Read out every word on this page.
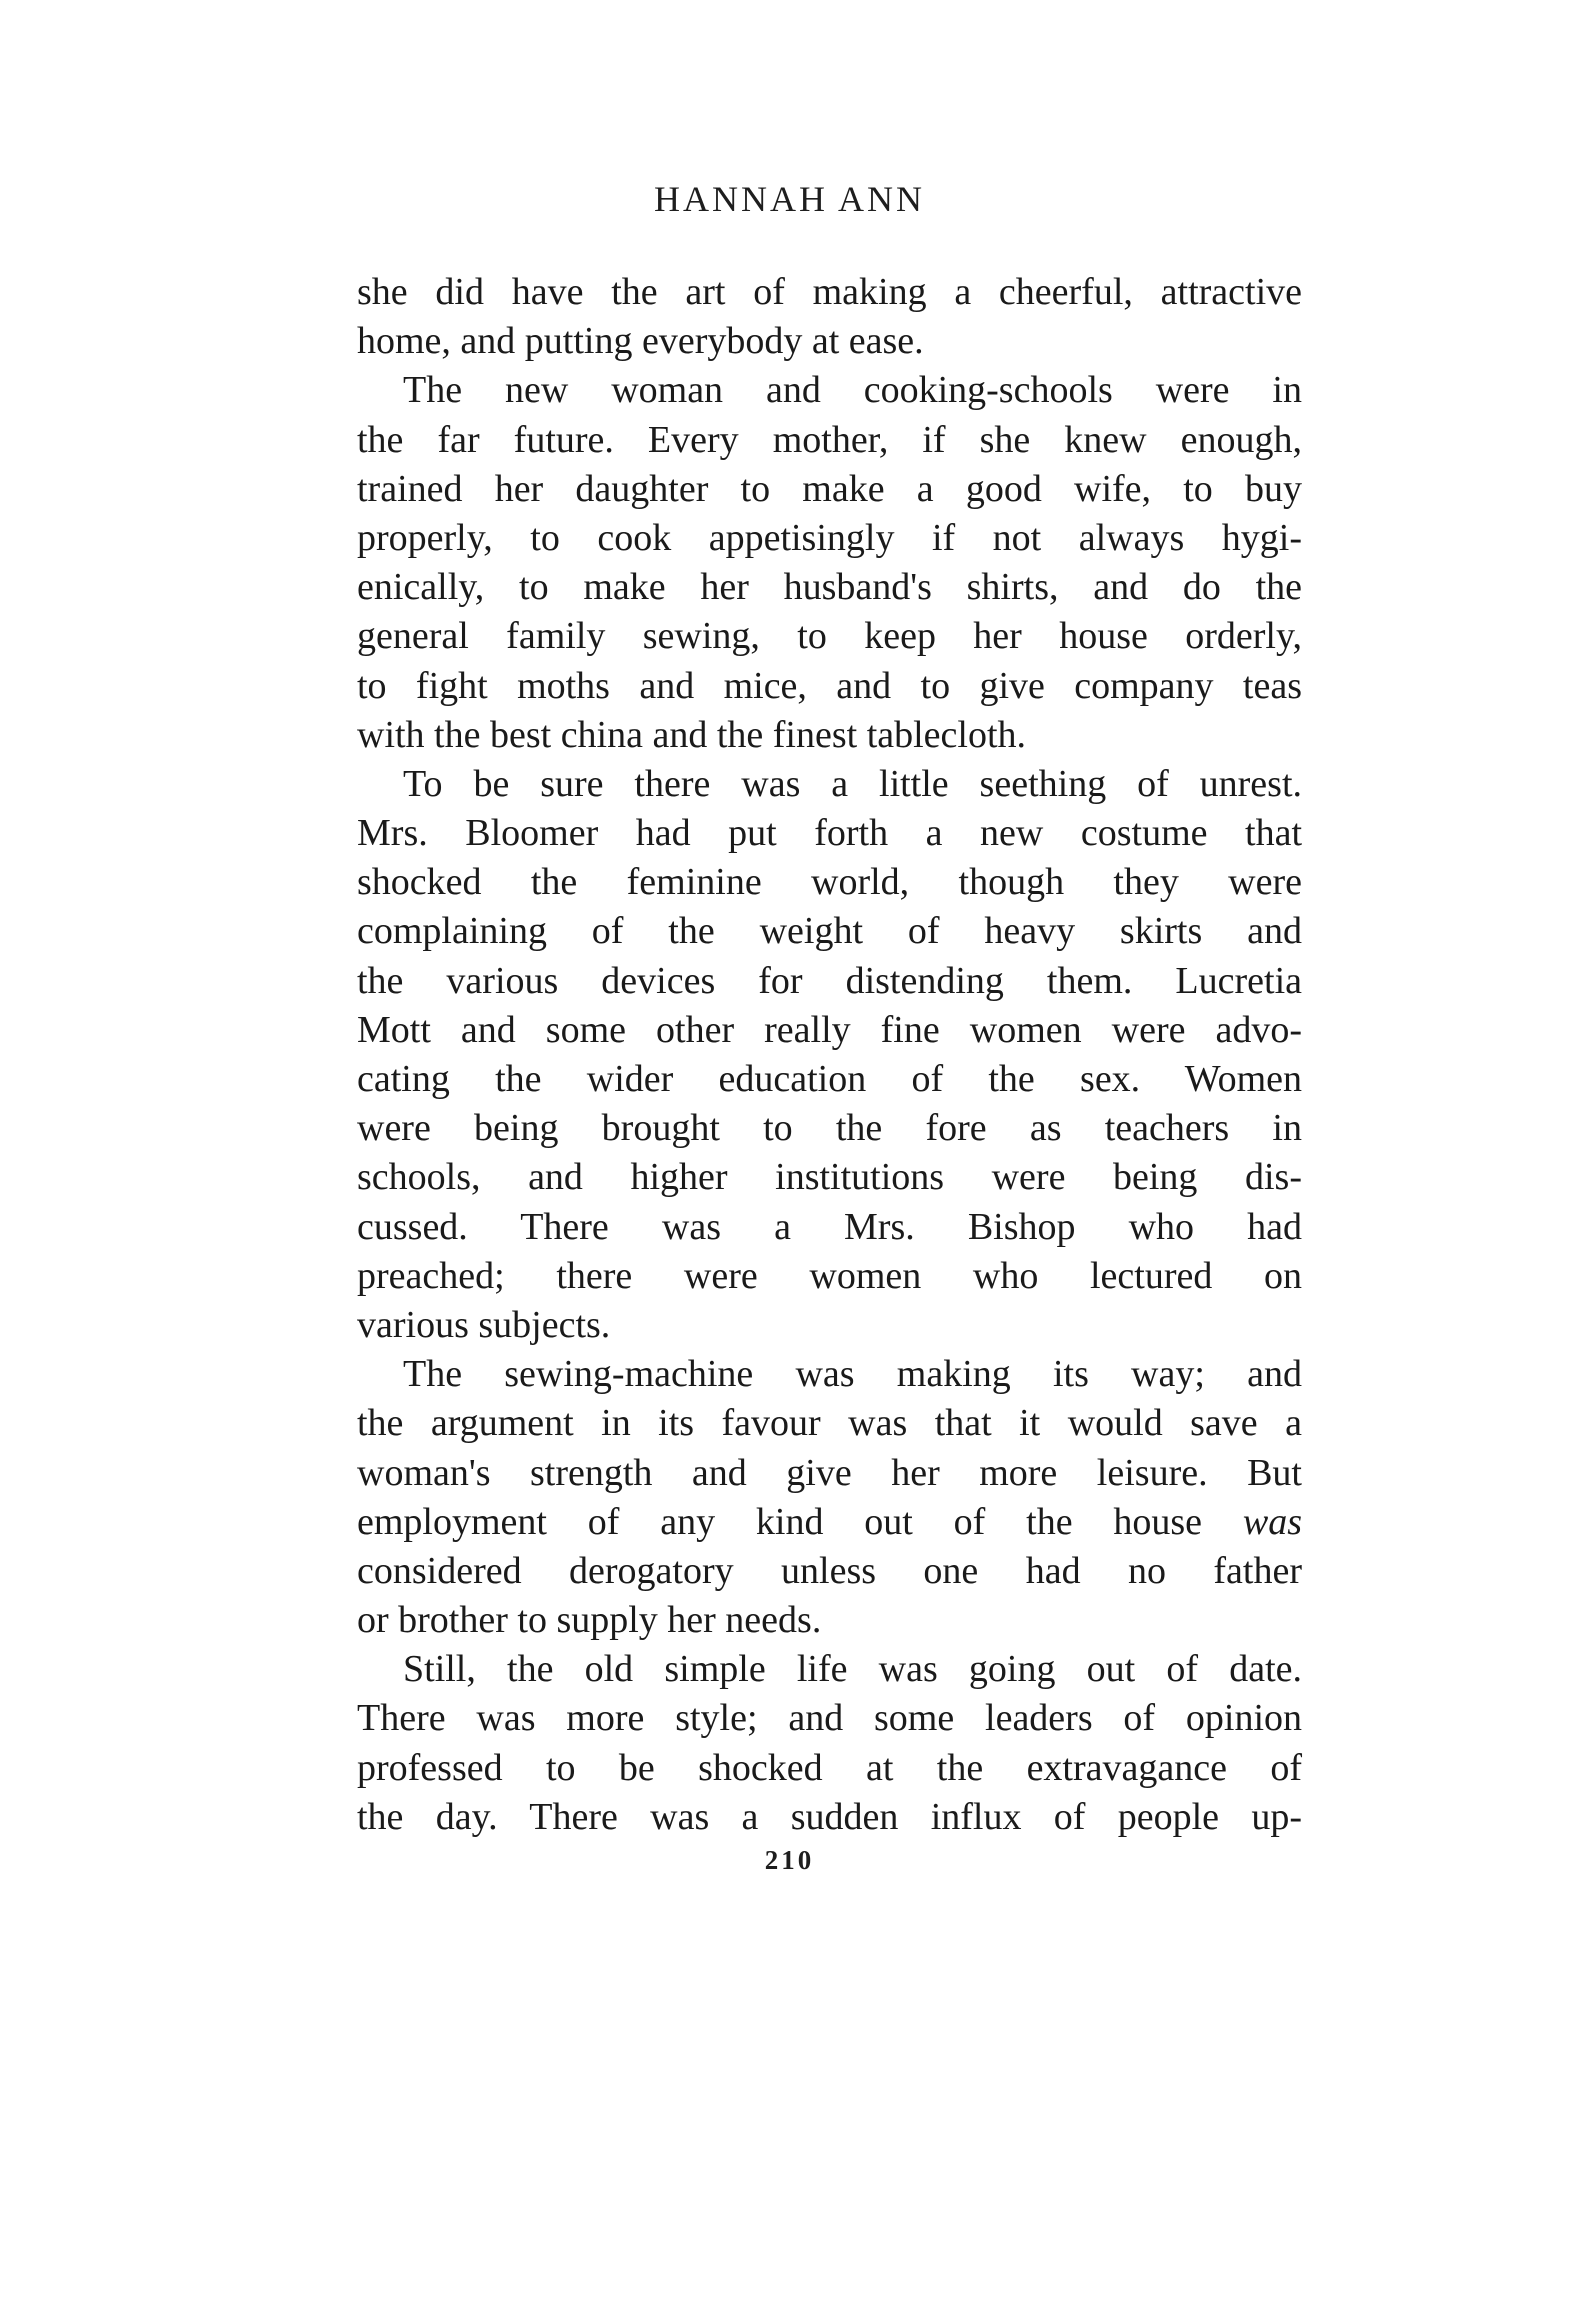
HANNAH ANN
she did have the art of making a cheerful, attractive
home, and putting everybody at ease.
The new woman and cooking-schools were in
the far future. Every mother, if she knew enough,
trained her daughter to make a good wife, to buy
properly, to cook appetisingly if not always hygi-
enically, to make her husband's shirts, and do the
general family sewing, to keep her house orderly,
to fight moths and mice, and to give company teas
with the best china and the finest tablecloth.
To be sure there was a little seething of unrest.
Mrs. Bloomer had put forth a new costume that
shocked the feminine world, though they were
complaining of the weight of heavy skirts and
the various devices for distending them. Lucretia
Mott and some other really fine women were advo-
cating the wider education of the sex. Women
were being brought to the fore as teachers in
schools, and higher institutions were being dis-
cussed. There was a Mrs. Bishop who had
preached; there were women who lectured on
various subjects.
The sewing-machine was making its way; and
the argument in its favour was that it would save a
woman's strength and give her more leisure. But
employment of any kind out of the house was
considered derogatory unless one had no father
or brother to supply her needs.
Still, the old simple life was going out of date.
There was more style; and some leaders of opinion
professed to be shocked at the extravagance of
the day. There was a sudden influx of people up-
210
